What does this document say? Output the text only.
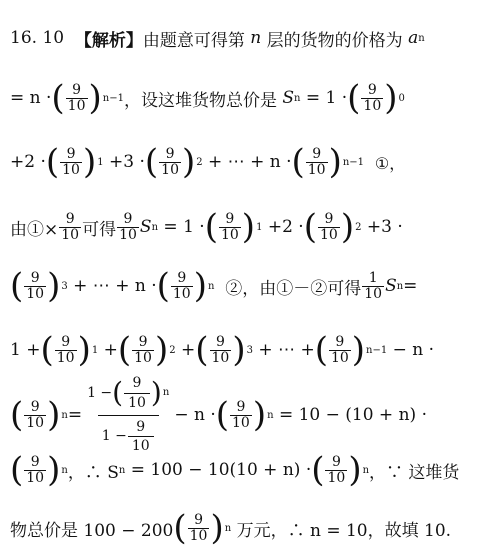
16. 10
【解析】 由题意可得第
n
层的货物的价格为
a n
= n · ( $\frac{9}{10}$ ) n−1 ，设这堆货物总价是
S n
= 1 · ( $\frac{9}{10}$ ) 0
+2 · ( $\frac{9}{10}$ ) 1
+3 · ( $\frac{9}{10}$ ) 2
+ ⋯ + n · ( $\frac{9}{10}$ ) n−1
①，
由①× $\frac{9}{10}$ 可得 $\frac{9}{10}$ S n
= 1 · ( $\frac{9}{10}$ ) 1
+2 · ( $\frac{9}{10}$ ) 2
+3 ·
( $\frac{9}{10}$ ) 3
+ ⋯ + n · ( $\frac{9}{10}$ ) n
②，由①－②可得 $\frac{1}{10}$ S n =
1 + ( $\frac{9}{10}$ ) 1
+ ( $\frac{9}{10}$ ) 2
+ ( $\frac{9}{10}$ ) 3
+ ⋯ + ( $\frac{9}{10}$ ) n−1
− n ·
( $\frac{9}{10}$ ) $n = \frac{1 - ( \frac{9}{10} ) n}{1 - \frac{9}{10}} - n$ · ( $\frac{9}{10}$ ) n
= 10 − (10 + n) ·
( $\frac{9}{10}$ ) n ，∴ S n
= 100 − 10(10 + n) · ( $\frac{9}{10}$ ) n ，∵ 这堆货
物总价是 100 − 200 ( $\frac{9}{10}$ ) n
万元，∴ n = 10，故填 10.
